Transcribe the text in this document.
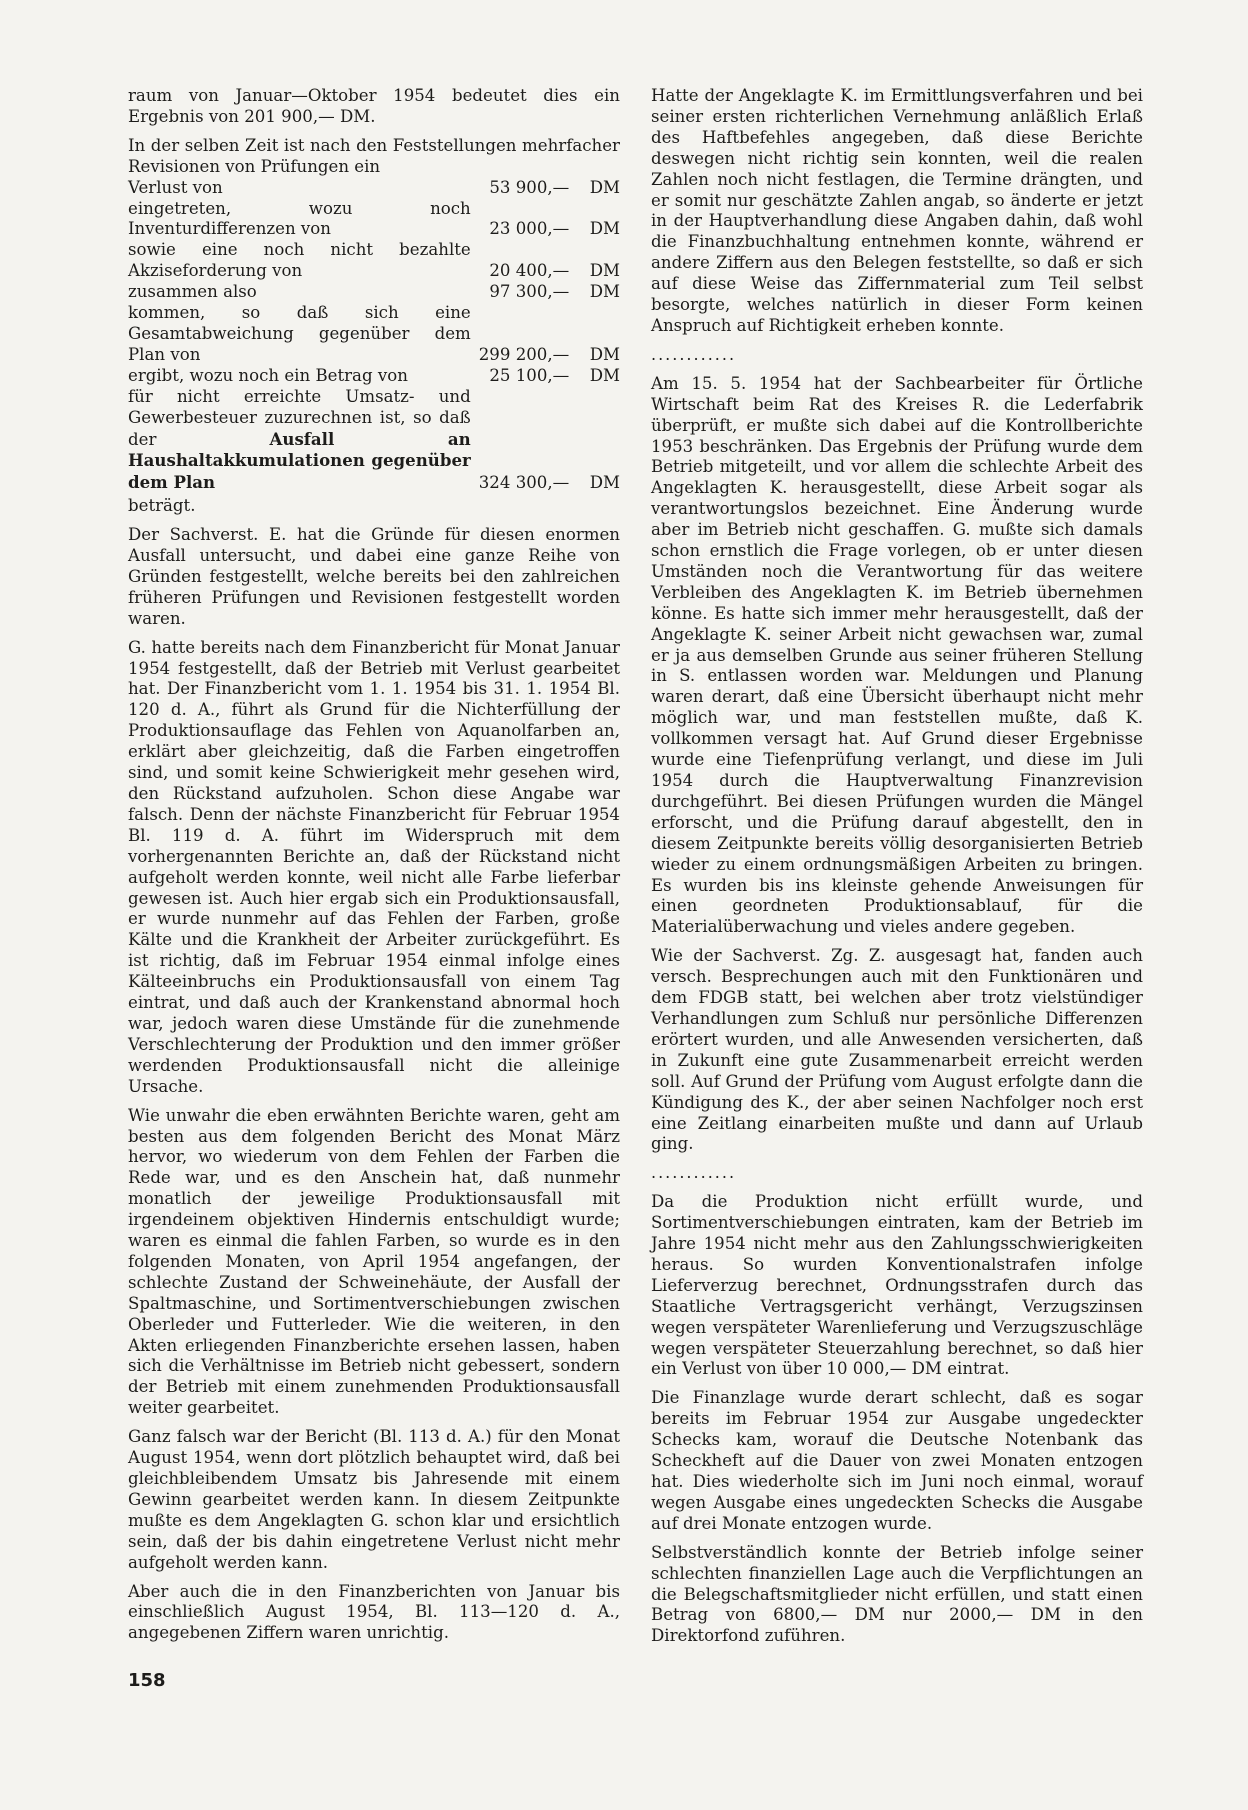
raum von Januar—Oktober 1954 bedeutet dies ein Ergebnis von 201 900,— DM.

In der selben Zeit ist nach den Feststellungen mehrfacher Revisionen von Prüfungen ein

Verlust von	53 900,—	DM
eingetreten, wozu noch Inventurdifferenzen von	23 000,—	DM
sowie eine noch nicht bezahlte Akziseforderung von	20 400,—	DM
zusammen also	97 300,—	DM
kommen, so daß sich eine Gesamtabweichung gegenüber dem Plan von	299 200,—	DM
ergibt, wozu noch ein Betrag von	25 100,—	DM
für nicht erreichte Umsatz- und Gewerbesteuer zuzurechnen ist, so daß der Ausfall an Haushaltakkumulationen gegenüber dem Plan	324 300,—	DM

beträgt.

Der Sachverst. E. hat die Gründe für diesen enormen Ausfall untersucht, und dabei eine ganze Reihe von Gründen festgestellt, welche bereits bei den zahlreichen früheren Prüfungen und Revisionen festgestellt worden waren.

G. hatte bereits nach dem Finanzbericht für Monat Januar 1954 festgestellt, daß der Betrieb mit Verlust gearbeitet hat. Der Finanzbericht vom 1. 1. 1954 bis 31. 1. 1954 Bl. 120 d. A., führt als Grund für die Nichterfüllung der Produktionsauflage das Fehlen von Aquanolfarben an, erklärt aber gleichzeitig, daß die Farben eingetroffen sind, und somit keine Schwierigkeit mehr gesehen wird, den Rückstand aufzuholen. Schon diese Angabe war falsch. Denn der nächste Finanzbericht für Februar 1954 Bl. 119 d. A. führt im Widerspruch mit dem vorhergenannten Berichte an, daß der Rückstand nicht aufgeholt werden konnte, weil nicht alle Farbe lieferbar gewesen ist. Auch hier ergab sich ein Produktionsausfall, er wurde nunmehr auf das Fehlen der Farben, große Kälte und die Krankheit der Arbeiter zurückgeführt. Es ist richtig, daß im Februar 1954 einmal infolge eines Kälteeinbruchs ein Produktionsausfall von einem Tag eintrat, und daß auch der Krankenstand abnormal hoch war, jedoch waren diese Umstände für die zunehmende Verschlechterung der Produktion und den immer größer werdenden Produktionsausfall nicht die alleinige Ursache.

Wie unwahr die eben erwähnten Berichte waren, geht am besten aus dem folgenden Bericht des Monat März hervor, wo wiederum von dem Fehlen der Farben die Rede war, und es den Anschein hat, daß nunmehr monatlich der jeweilige Produktionsausfall mit irgendeinem objektiven Hindernis entschuldigt wurde; waren es einmal die fahlen Farben, so wurde es in den folgenden Monaten, von April 1954 angefangen, der schlechte Zustand der Schweinehäute, der Ausfall der Spaltmaschine, und Sortimentverschiebungen zwischen Oberleder und Futterleder. Wie die weiteren, in den Akten erliegenden Finanzberichte ersehen lassen, haben sich die Verhältnisse im Betrieb nicht gebessert, sondern der Betrieb mit einem zunehmenden Produktionsausfall weiter gearbeitet.

Ganz falsch war der Bericht (Bl. 113 d. A.) für den Monat August 1954, wenn dort plötzlich behauptet wird, daß bei gleichbleibendem Umsatz bis Jahresende mit einem Gewinn gearbeitet werden kann. In diesem Zeitpunkte mußte es dem Angeklagten G. schon klar und ersichtlich sein, daß der bis dahin eingetretene Verlust nicht mehr aufgeholt werden kann.

Aber auch die in den Finanzberichten von Januar bis einschließlich August 1954, Bl. 113—120 d. A., angegebenen Ziffern waren unrichtig.

Hatte der Angeklagte K. im Ermittlungsverfahren und bei seiner ersten richterlichen Vernehmung anläßlich Erlaß des Haftbefehles angegeben, daß diese Berichte deswegen nicht richtig sein konnten, weil die realen Zahlen noch nicht festlagen, die Termine drängten, und er somit nur geschätzte Zahlen angab, so änderte er jetzt in der Hauptverhandlung diese Angaben dahin, daß wohl die Finanzbuchhaltung entnehmen konnte, während er andere Ziffern aus den Belegen feststellte, so daß er sich auf diese Weise das Ziffernmaterial zum Teil selbst besorgte, welches natürlich in dieser Form keinen Anspruch auf Richtigkeit erheben konnte.

............

Am 15. 5. 1954 hat der Sachbearbeiter für Örtliche Wirtschaft beim Rat des Kreises R. die Lederfabrik überprüft, er mußte sich dabei auf die Kontrollberichte 1953 beschränken. Das Ergebnis der Prüfung wurde dem Betrieb mitgeteilt, und vor allem die schlechte Arbeit des Angeklagten K. herausgestellt, diese Arbeit sogar als verantwortungslos bezeichnet. Eine Änderung wurde aber im Betrieb nicht geschaffen. G. mußte sich damals schon ernstlich die Frage vorlegen, ob er unter diesen Umständen noch die Verantwortung für das weitere Verbleiben des Angeklagten K. im Betrieb übernehmen könne. Es hatte sich immer mehr herausgestellt, daß der Angeklagte K. seiner Arbeit nicht gewachsen war, zumal er ja aus demselben Grunde aus seiner früheren Stellung in S. entlassen worden war. Meldungen und Planung waren derart, daß eine Übersicht überhaupt nicht mehr möglich war, und man feststellen mußte, daß K. vollkommen versagt hat. Auf Grund dieser Ergebnisse wurde eine Tiefenprüfung verlangt, und diese im Juli 1954 durch die Hauptverwaltung Finanzrevision durchgeführt. Bei diesen Prüfungen wurden die Mängel erforscht, und die Prüfung darauf abgestellt, den in diesem Zeitpunkte bereits völlig desorganisierten Betrieb wieder zu einem ordnungsmäßigen Arbeiten zu bringen. Es wurden bis ins kleinste gehende Anweisungen für einen geordneten Produktionsablauf, für die Materialüberwachung und vieles andere gegeben.

Wie der Sachverst. Zg. Z. ausgesagt hat, fanden auch versch. Besprechungen auch mit den Funktionären und dem FDGB statt, bei welchen aber trotz vielstündiger Verhandlungen zum Schluß nur persönliche Differenzen erörtert wurden, und alle Anwesenden versicherten, daß in Zukunft eine gute Zusammenarbeit erreicht werden soll. Auf Grund der Prüfung vom August erfolgte dann die Kündigung des K., der aber seinen Nachfolger noch erst eine Zeitlang einarbeiten mußte und dann auf Urlaub ging.

............

Da die Produktion nicht erfüllt wurde, und Sortimentverschiebungen eintraten, kam der Betrieb im Jahre 1954 nicht mehr aus den Zahlungsschwierigkeiten heraus. So wurden Konventionalstrafen infolge Lieferverzug berechnet, Ordnungsstrafen durch das Staatliche Vertragsgericht verhängt, Verzugszinsen wegen verspäteter Warenlieferung und Verzugszuschläge wegen verspäteter Steuerzahlung berechnet, so daß hier ein Verlust von über 10 000,— DM eintrat.

Die Finanzlage wurde derart schlecht, daß es sogar bereits im Februar 1954 zur Ausgabe ungedeckter Schecks kam, worauf die Deutsche Notenbank das Scheckheft auf die Dauer von zwei Monaten entzogen hat. Dies wiederholte sich im Juni noch einmal, worauf wegen Ausgabe eines ungedeckten Schecks die Ausgabe auf drei Monate entzogen wurde.

Selbstverständlich konnte der Betrieb infolge seiner schlechten finanziellen Lage auch die Verpflichtungen an die Belegschaftsmitglieder nicht erfüllen, und statt einen Betrag von 6800,— DM nur 2000,— DM in den Direktorfond zuführen.

158
